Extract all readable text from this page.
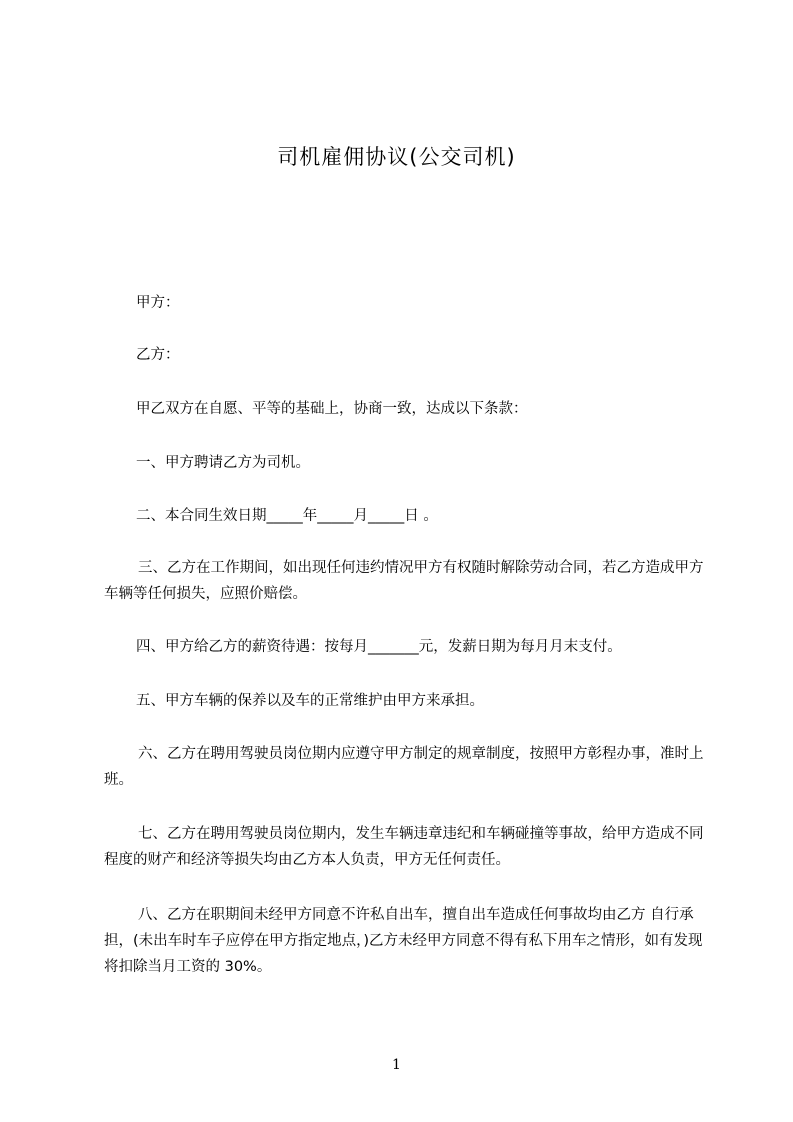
司机雇佣协议(公交司机)
甲方：
乙方：
甲乙双方在自愿、平等的基础上，协商一致，达成以下条款：
一、甲方聘请乙方为司机。
二、本合同生效日期_____年_____月_____日 。
三、乙方在工作期间，如出现任何违约情况甲方有权随时解除劳动合同，若乙方造成甲方车辆等任何损失，应照价赔偿。
四、甲方给乙方的薪资待遇：按每月_______元，发薪日期为每月月末支付。
五、甲方车辆的保养以及车的正常维护由甲方来承担。
六、乙方在聘用驾驶员岗位期内应遵守甲方制定的规章制度，按照甲方彰程办事，准时上班。
七、乙方在聘用驾驶员岗位期内，发生车辆违章违纪和车辆碰撞等事故，给甲方造成不同程度的财产和经济等损失均由乙方本人负责，甲方无任何责任。
八、乙方在职期间未经甲方同意不许私自出车，擅自出车造成任何事故均由乙方 自行承担，(未出车时车子应停在甲方指定地点，)乙方未经甲方同意不得有私下用车之情形，如有发现将扣除当月工资的 30%。
1
